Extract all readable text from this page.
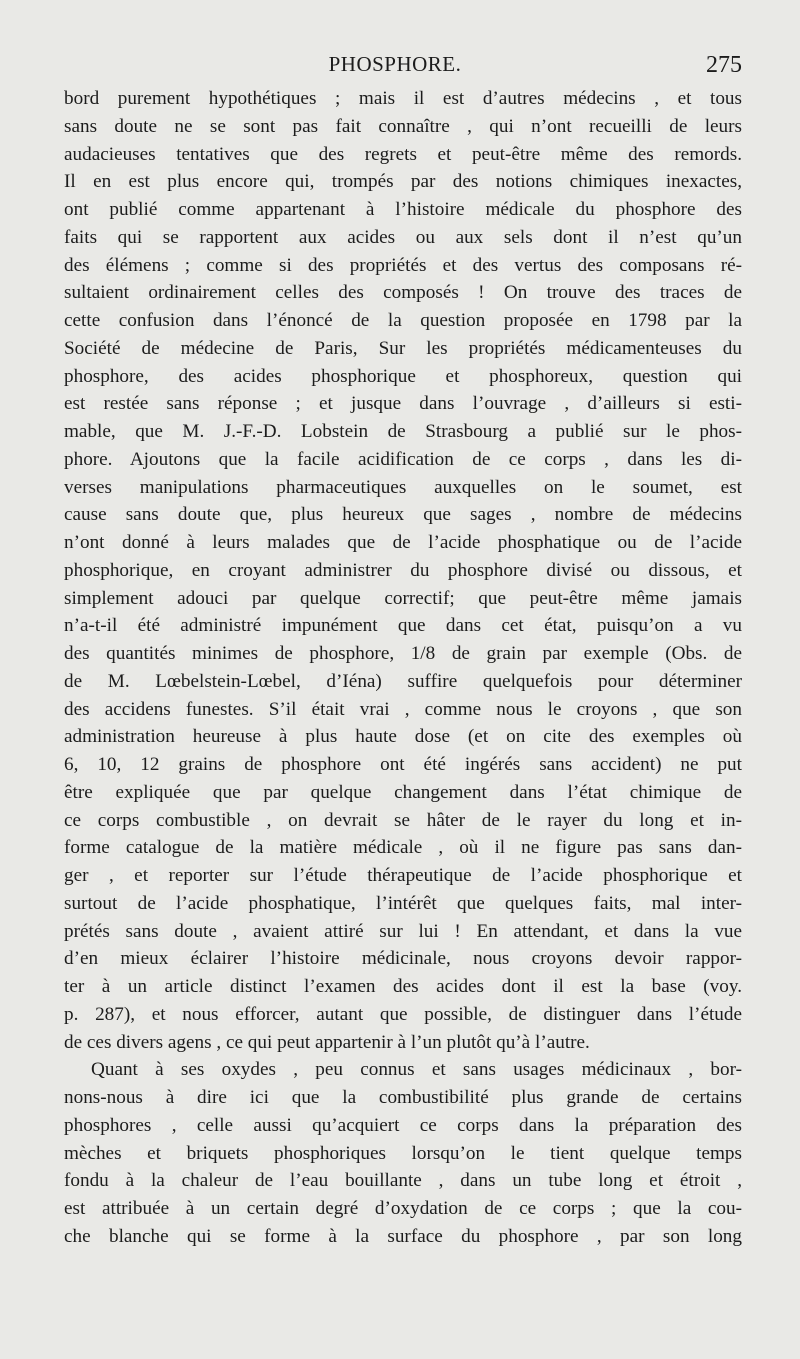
PHOSPHORE.	275
bord purement hypothétiques ; mais il est d’autres médecins , et tous
sans doute ne se sont pas fait connaître , qui n’ont recueilli de leurs
audacieuses tentatives que des regrets et peut-être même des remords.
Il en est plus encore qui, trompés par des notions chimiques inexactes,
ont publié comme appartenant à l’histoire médicale du phosphore des
faits qui se rapportent aux acides ou aux sels dont il n’est qu’un
des élémens ; comme si des propriétés et des vertus des composans ré-
sultaient ordinairement celles des composés ! On trouve des traces de
cette confusion dans l’énoncé de la question proposée en 1798 par la
Société de médecine de Paris, Sur les propriétés médicamenteuses du
phosphore, des acides phosphorique et phosphoreux, question qui
est restée sans réponse ; et jusque dans l’ouvrage , d’ailleurs si esti-
mable, que M. J.-F.-D. Lobstein de Strasbourg a publié sur le phos-
phore. Ajoutons que la facile acidification de ce corps , dans les di-
verses manipulations pharmaceutiques auxquelles on le soumet, est
cause sans doute que, plus heureux que sages , nombre de médecins
n’ont donné à leurs malades que de l’acide phosphatique ou de l’acide
phosphorique, en croyant administrer du phosphore divisé ou dissous, et
simplement adouci par quelque correctif; que peut-être même jamais
n’a-t-il été administré impunément que dans cet état, puisqu’on a vu
des quantités minimes de phosphore, 1/8 de grain par exemple (Obs. de
de M. Lœbelstein-Lœbel, d’Iéna) suffire quelquefois pour déterminer
des accidens funestes. S’il était vrai , comme nous le croyons , que son
administration heureuse à plus haute dose (et on cite des exemples où
6, 10, 12 grains de phosphore ont été ingérés sans accident) ne put
être expliquée que par quelque changement dans l’état chimique de
ce corps combustible , on devrait se hâter de le rayer du long et in-
forme catalogue de la matière médicale , où il ne figure pas sans dan-
ger , et reporter sur l’étude thérapeutique de l’acide phosphorique et
surtout de l’acide phosphatique, l’intérêt que quelques faits, mal inter-
prétés sans doute , avaient attiré sur lui ! En attendant, et dans la vue
d’en mieux éclairer l’histoire médicinale, nous croyons devoir rappor-
ter à un article distinct l’examen des acides dont il est la base (voy.
p. 287), et nous efforcer, autant que possible, de distinguer dans l’étude
de ces divers agens , ce qui peut appartenir à l’un plutôt qu’à l’autre.
Quant à ses oxydes , peu connus et sans usages médicinaux , bor-
nons-nous à dire ici que la combustibilité plus grande de certains
phosphores , celle aussi qu’acquiert ce corps dans la préparation des
mèches et briquets phosphoriques lorsqu’on le tient quelque temps
fondu à la chaleur de l’eau bouillante , dans un tube long et étroit ,
est attribuée à un certain degré d’oxydation de ce corps ; que la cou-
che blanche qui se forme à la surface du phosphore , par son long
